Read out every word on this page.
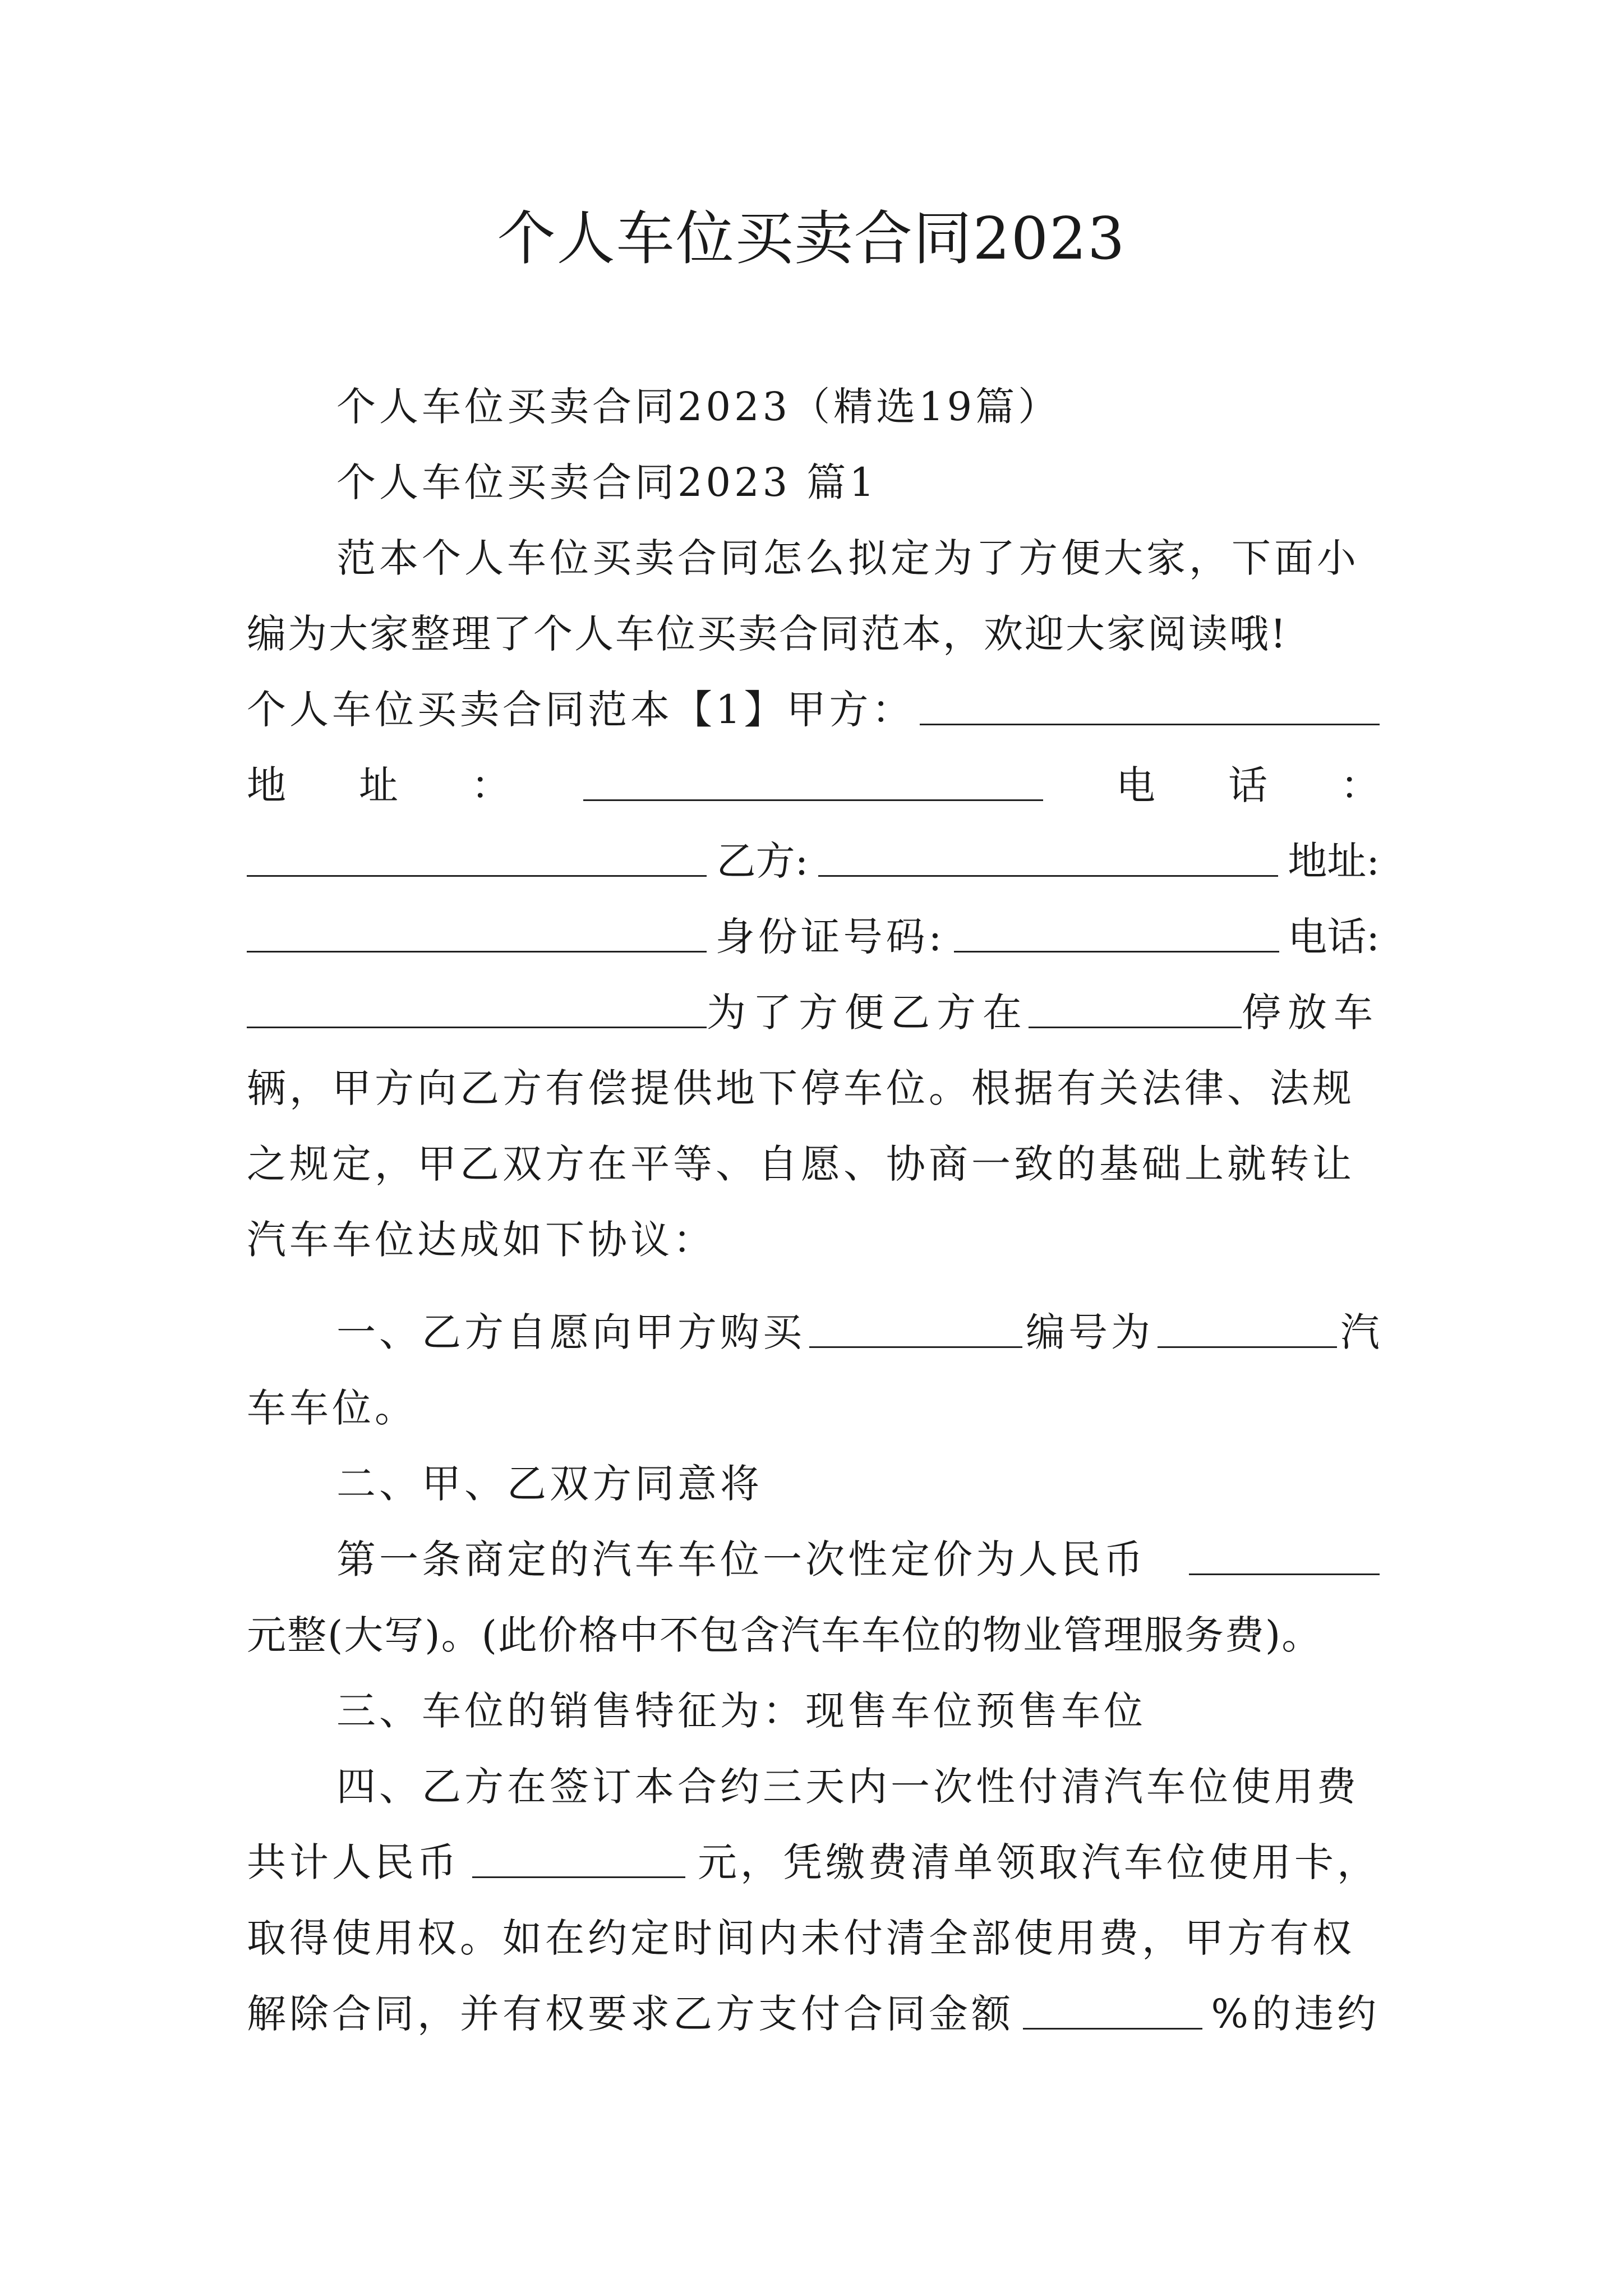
个人车位买卖合同2023
个人车位买卖合同2023（精选19篇）
个人车位买卖合同2023 篇1
范本个人车位买卖合同怎么拟定为了方便大家，下面小
编为大家整理了个人车位买卖合同范本，欢迎大家阅读哦!
个人车位买卖合同范本【1】甲方：
地 址 ：	电 话 ：
乙方:	地址:
身份证号码:	电话:
为了方便乙方在	停放车
辆，甲方向乙方有偿提供地下停车位。根据有关法律、法规
之规定，甲乙双方在平等、自愿、协商一致的基础上就转让
汽车车位达成如下协议：
一、乙方自愿向甲方购买	编号为	汽
车车位。
二、甲、乙双方同意将
第一条商定的汽车车位一次性定价为人民币
元整(大写)。(此价格中不包含汽车车位的物业管理服务费)。
三、车位的销售特征为：现售车位预售车位
四、乙方在签订本合约三天内一次性付清汽车位使用费
共计人民币	元，凭缴费清单领取汽车位使用卡，
取得使用权。如在约定时间内未付清全部使用费，甲方有权
解除合同，并有权要求乙方支付合同金额	%的违约
